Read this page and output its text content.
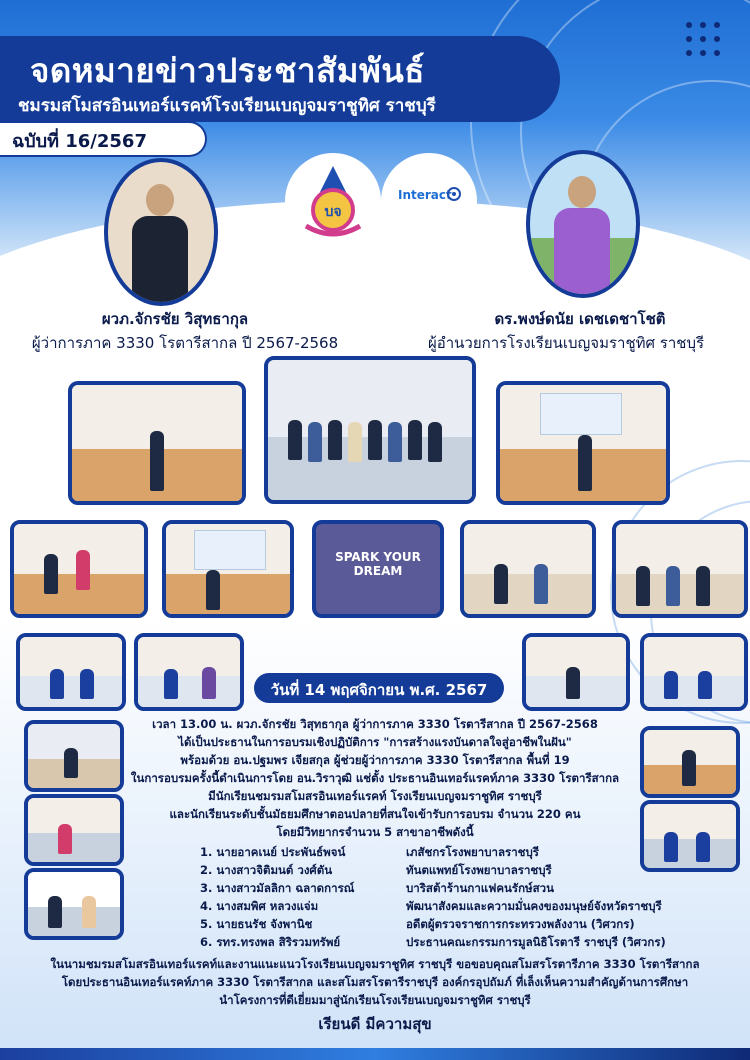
จดหมายข่าวประชาสัมพันธ์
ชมรมสโมสรอินเทอร์แรคท์โรงเรียนเบญจมราชูทิศ ราชบุรี
ฉบับที่ 16/2567
บจ
Interact
ผวภ.จักรชัย วิสุทธากุล
ผู้ว่าการภาค 3330 โรตารีสากล ปี 2567-2568
ดร.พงษ์ดนัย เดชเดชาโชติ
ผู้อำนวยการโรงเรียนเบญจมราชูทิศ ราชบุรี
SPARK YOUR DREAM
วันที่ 14 พฤศจิกายน พ.ศ. 2567
เวลา 13.00 น. ผวภ.จักรชัย วิสุทธากุล ผู้ว่าการภาค 3330 โรตารีสากล ปี 2567-2568
ได้เป็นประธานในการอบรมเชิงปฏิบัติการ "การสร้างแรงบันดาลใจสู่อาชีพในฝัน"
พร้อมด้วย อน.ปฐมพร เจียสกุล ผู้ช่วยผู้ว่าการภาค 3330 โรตารีสากล พื้นที่ 19
ในการอบรมครั้งนี้ดำเนินการโดย อน.วิราวุฒิ แช่ตั้ง ประธานอินเทอร์แรคท์ภาค 3330 โรตารีสากล
มีนักเรียนชมรมสโมสรอินเทอร์แรคท์ โรงเรียนเบญจมราชูทิศ ราชบุรี
และนักเรียนระดับชั้นมัธยมศึกษาตอนปลายที่สนใจเข้ารับการอบรม จำนวน 220 คน
โดยมีวิทยากรจำนวน 5 สาขาอาชีพดังนี้
1. นายอาคเนย์ ประพันธ์พจน์	เภสัชกรโรงพยาบาลราชบุรี
2. นางสาวจิติมนต์ วงศ์ตัน	ทันตแพทย์โรงพยาบาลราชบุรี
3. นางสาวมัลลิกา ฉลาดการณ์	บาริสต้าร้านกาแฟคนรักษ์สวน
4. นางสมพิศ หลวงแจ่ม	พัฒนาสังคมและความมั่นคงของมนุษย์จังหวัดราชบุรี
5. นายธนรัช จังพานิช	อดีตผู้ตรวจราชการกระทรวงพลังงาน (วิศวกร)
6. รทร.ทรงพล สิริรวมทรัพย์	ประธานคณะกรรมการมูลนิธิโรตารี ราชบุรี (วิศวกร)
ในนามชมรมสโมสรอินเทอร์แรคท์และงานแนะแนวโรงเรียนเบญจมราชูทิศ ราชบุรี ขอขอบคุณสโมสรโรตารีภาค 3330 โรตารีสากล
โดยประธานอินเทอร์แรคท์ภาค 3330 โรตารีสากล และสโมสรโรตารีราชบุรี องค์กรอุปถัมภ์ ที่เล็งเห็นความสำคัญด้านการศึกษา
นำโครงการที่ดีเยี่ยมมาสู่นักเรียนโรงเรียนเบญจมราชูทิศ ราชบุรี
เรียนดี มีความสุข
